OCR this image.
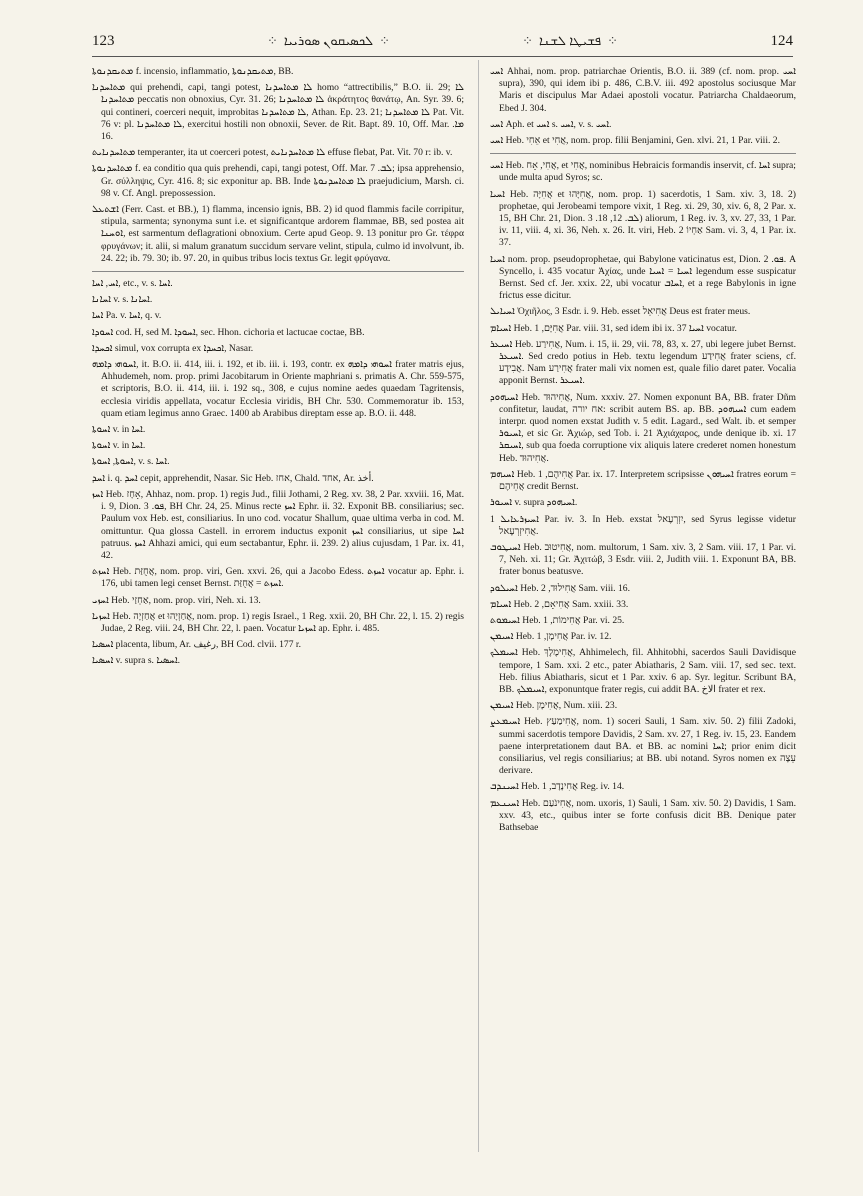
123	⁘ ܠܟܣܝܩܘܢ ܣܘܪܝܝܐ ⁘	⁘ ܦܫܝܛܐ ܠܫܢܐ ⁘	124

ܡܬܝܩܕܢܘܬܐ f. incensio, inflammatio, ܡܬܝܩܕܢܘܬܐ, BB.

ܡܬܐܚܕܢܐ qui prehendi, capi, tangi potest, ܠܐ ܡܬܐܚܕܢܐ homo “attrectibilis,” B.O. ii. 29; ܠܐ ܡܬܐܚܕܢܐ peccatis non obnoxius, Cyr. 31. 26; ܠܐ ܡܬܐܚܕܢܐ ἀκράτητος θανάτῳ, An. Syr. 39. 6; qui contineri, coerceri nequit, improbitas ܠܐ ܡܬܐܚܕܢܐ, Athan. Ep. 23. 21; ܠܐ ܡܬܐܚܕܢܐ Pat. Vit. 76 v: pl. ܠܐ ܡܬܐܚܕܢܐ, exercitui hostili non obnoxii, Sever. de Rit. Bapt. 89. 10, Off. Mar. ܡܐ. 16.

ܡܬܐܚܕܢܐܝܬ temperanter, ita ut coerceri potest, ܠܐ ܡܬܐܚܕܢܐܝܬ effuse flebat, Pat. Vit. 70 r: ib. v.

ܡܬܐܚܕܢܘܬܐ f. ea conditio qua quis prehendi, capi, tangi potest, Off. Mar. ܠܒ. 7; ipsa apprehensio, Gr. σύλληψις, Cyr. 416. 8; sic exponitur ap. BB. Inde ܠܐ ܡܬܐܚܕܢܘܬܐ praejudicium, Marsh. ci. 98 v. Cf. Angl. prepossession.

ܐܫܬܥܠ (Ferr. Cast. et BB.), 1) flamma, incensio ignis, BB. 2) id quod flammis facile corripitur, stipula, sarmenta; synonyma sunt i.e. et significantque ardorem flammae, BB, sed postea ait ܐܘܚܢܐ, est sarmentum deflagrationi obnoxium. Certe apud Geop. 9. 13 ponitur pro Gr. τέφρα φρυγάνων; it. alii, si malum granatum succidum servare velint, stipula, culmo id involvunt, ib. 24. 22; ib. 79. 30; ib. 97. 20, in quibus tribus locis textus Gr. legit φρύγανα.

ܐܚ, ܐܚܐ, etc., v. s. ܐܚܐ.

ܐܚܐܢܐ v. s. ܐܚܐܢܐ.

ܐܚܐ Pa. v. ܐܚܐ, q. v.

ܐܚܘܕܐ cod. H, sed M. ܐܚܘܕܐ, sec. Hhon. cichoria et lactucae coctae, BB.

ܐܟܚܕܐ simul, vox corrupta ex ܐܟܚܕܐ, Nasar.

ܐܚܘܗܝ ܕܐܡܗ, it. B.O. ii. 414, iii. i. 192, et ib. iii. i. 193, contr. ex ܐܚܘܗܝ ܕܐܡܗ frater matris ejus, Ahhudemeh, nom. prop. primi Jacobitarum in Oriente maphriani s. primatis A. Chr. 559-575, et scriptoris, B.O. ii. 414, iii. i. 192 sq., 308, e cujus nomine aedes quaedam Tagritensis, ecclesia viridis appellata, vocatur Ecclesia viridis, BH Chr. 530. Commemoratur ib. 153, quam etiam legimus anno Graec. 1400 ab Arabibus direptam esse ap. B.O. ii. 448.

ܐܚܘܬܐ v. in ܐܚܐ.

ܐܚܘܬܐ v. in ܐܚܐ.

ܐܚܘܬܐ, ܐܚܘܬܐ, v. s. ܐܚܐ.

ܐܚܕ i. q. ܐܚܕ cepit, apprehendit, Nasar. Sic Heb. אחז, Chald. אחד, Ar. أخذ.

ܐܚܙ Heb. אָחָז, Ahhaz, nom. prop. 1) regis Jud., filii Jothami, 2 Reg. xv. 38, 2 Par. xxviii. 16, Mat. i. 9, Dion. ܦܘ. 3, BH Chr. 24, 25. Minus recte ܐܚܙ Ephr. ii. 32. Exponit BB. consiliarius; sec. Paulum vox Heb. est, consiliarius. In uno cod. vocatur Shallum, quae ultima verba in cod. M. omittuntur. Qua glossa Castell. in errorem inductus exponit ܐܚܙ consiliarius, ut sipe ܐܚܐ patruus. ܐܚܙ Ahhazi amici, qui eum sectabantur, Ephr. ii. 239. 2) alius cujusdam, 1 Par. ix. 41, 42.

ܐܚܙܬ Heb. אֲחֻזַּת, nom. prop. viri, Gen. xxvi. 26, qui a Jacobo Edess. ܐܚܙܬ vocatur ap. Ephr. i. 176, ubi tamen legi censet Bernst. ܐܚܙܬ = אֲחֻזַּת.

ܐܚܙܝ Heb. אַחְזַי, nom. prop. viri, Neh. xi. 13.

ܐܚܙܝܐ Heb. אֲחַזְיָה et אֲחַזְיָהוּ, nom. prop. 1) regis Israel., 1 Reg. xxii. 20, BH Chr. 22, l. 15. 2) regis Judae, 2 Reg. viii. 24, BH Chr. 22, l. paen. Vocatur ܐܚܙܝܐ ap. Ephr. i. 485.

ܐܚܣܝܐ placenta, libum, Ar. رغيف, BH Cod. clvii. 177 r.

ܐܚܣܝܐ v. supra s. ܐܚܣܝܐ.

ܐܚܝ Ahhai, nom. prop. patriarchae Orientis, B.O. ii. 389 (cf. nom. prop. ܐܚܝ supra), 390, qui idem ibi p. 486, C.B.V. iii. 492 apostolus sociusque Mar Maris et discipulus Mar Adaei apostoli vocatur. Patriarcha Chaldaeorum, Ebed J. 304.

ܐܚܝ Aph. et ܐܚܝ s. ܐܚܝ, v. s. ܐܚܝ.

ܐܚܝ Heb. אֵחִי et אֲחִי, nom. prop. filii Benjamini, Gen. xlvi. 21, 1 Par. viii. 2.

ܐܚܝ Heb. אֲחִי, אָח, et אֲחִי, nominibus Hebraicis formandis inservit, cf. ܐܚܐ supra; unde multa apud Syros; sc.

ܐܚܝܐ Heb. אֲחִיָּה et אֲחִיָּהוּ, nom. prop. 1) sacerdotis, 1 Sam. xiv. 3, 18. 2) prophetae, qui Jerobeami tempore vixit, 1 Reg. xi. 29, 30, xiv. 6, 8, 2 Par. x. 15, BH Chr. 21, Dion. ܠܒ. 12, 18. 3) aliorum, 1 Reg. iv. 3, xv. 27, 33, 1 Par. iv. 11, viii. 4, xi. 36, Neh. x. 26. It. viri, Heb. אַחְיוֹ 2 Sam. vi. 3, 4, 1 Par. ix. 37.

ܐܚܝܐ nom. prop. pseudoprophetae, qui Babylone vaticinatus est, Dion. ܦܘ. 2. A Syncello, i. 435 vocatur Ἀχίας, unde ܐܚܝܐ = ܐܚܝܐ legendum esse suspicatur Bernst. Sed cf. Jer. xxix. 22, ubi vocatur ܐܚܐܒ, et a rege Babylonis in igne frictus esse dicitur.

ܐܚܝܐܝܠ Ὀχιῆλος, 3 Esdr. i. 9. Heb. esset אֲחִיאֵל Deus est frater meus.

ܐܚܝܐܡ Heb. אֲחִיָּם, 1 Par. viii. 31, sed idem ibi ix. 37 ܐܚܝܐ vocatur.

ܐܚܝܥܪ Heb. אֲחִירַע, Num. i. 15, ii. 29, vii. 78, 83, x. 27, ubi legere jubet Bernst. ܐܚܝܥܪ. Sed credo potius in Heb. textu legendum אֲחִידַע frater sciens, cf. אֲבִידָע. Nam אֲחִירַע frater mali vix nomen est, quale filio daret pater. Vocalia apponit Bernst. ܐܚܝܥܪ.

ܐܚܝܗܘܕ Heb. אֲחִיהוּד, Num. xxxiv. 27. Nomen exponunt BA, BB. frater Dñm confitetur, laudat, אח יורה: scribit autem BS. ap. BB. ܐܚܝܗܘܕ cum eadem interpr. quod nomen exstat Judith v. 5 edit. Lagard., sed Walt. ib. et semper ܐܚܝܘܪ, et sic Gr. Ἀχιώρ, sed Tob. i. 21 Ἀχιάχαρος, unde denique ib. xi. 17 ܐܚܝܩܪ, sub qua foeda corruptione vix aliquis latere crederet nomen honestum Heb. אֲחִיהוּד.

ܐܚܝܗܡ Heb. אֲחִיהֶם, 1 Par. ix. 17. Interpretem scripsisse ܐܚܝܗܘܢ fratres eorum = אֲחֵיהֶם credit Bernst.

ܐܚܝܘܪ v. supra ܐܚܝܗܘܕ.

ܐܚܝܙܪܥܐܝܠ 1 Par. iv. 3. In Heb. exstat יִזְרְעֶאל, sed Syrus legisse videtur אֲחִיזְרְעֶאל.

ܐܚܝܛܘܒ Heb. אֲחִיטוּב, nom. multorum, 1 Sam. xiv. 3, 2 Sam. viii. 17, 1 Par. vi. 7, Neh. xi. 11; Gr. Ἀχιτώβ, 3 Esdr. viii. 2, Judith viii. 1. Exponunt BA, BB. frater bonus beatusve.

ܐܚܝܠܘܕ Heb. אֲחִילוּד, 2 Sam. viii. 16.

ܐܚܝܐܡ Heb. אֲחִיאָם, 2 Sam. xxiii. 33.

ܐܚܝܡܘܬ Heb. אֲחִימוֹת, 1 Par. vi. 25.

ܐܚܝܡܢ Heb. אֲחִימָן, 1 Par. iv. 12.

ܐܚܝܡܠܟ Heb. אֲחִימֶלֶךְ, Ahhimelech, fil. Ahhitobhi, sacerdos Sauli Davidisque tempore, 1 Sam. xxi. 2 etc., pater Abiatharis, 2 Sam. viii. 17, sed sec. text. Heb. filius Abiatharis, sicut et 1 Par. xxiv. 6 ap. Syr. legitur. Scribunt BA, BB. ܐܚܝܡܠܟ, exponuntque frater regis, cui addit BA. الاخ frater et rex.

ܐܚܝܡܢ Heb. אֲחִימָן, Num. xiii. 23.

ܐܚܝܡܥܨ Heb. אֲחִימַעַץ, nom. 1) soceri Sauli, 1 Sam. xiv. 50. 2) filii Zadoki, summi sacerdotis tempore Davidis, 2 Sam. xv. 27, 1 Reg. iv. 15, 23. Eandem paene interpretationem daut BA. et BB. ac nomini ܐܚܐ; prior enim dicit consiliarius, vel regis consiliarius; at BB. ubi notand. Syros nomen ex עֵצָה derivare.

ܐܚܝܢܕܒ Heb. אֲחִינָדָב, 1 Reg. iv. 14.

ܐܚܝܢܥܡ Heb. אֲחִינֹעַם, nom. uxoris, 1) Sauli, 1 Sam. xiv. 50. 2) Davidis, 1 Sam. xxv. 43, etc., quibus inter se forte confusis dicit BB. Denique pater Bathsebae
